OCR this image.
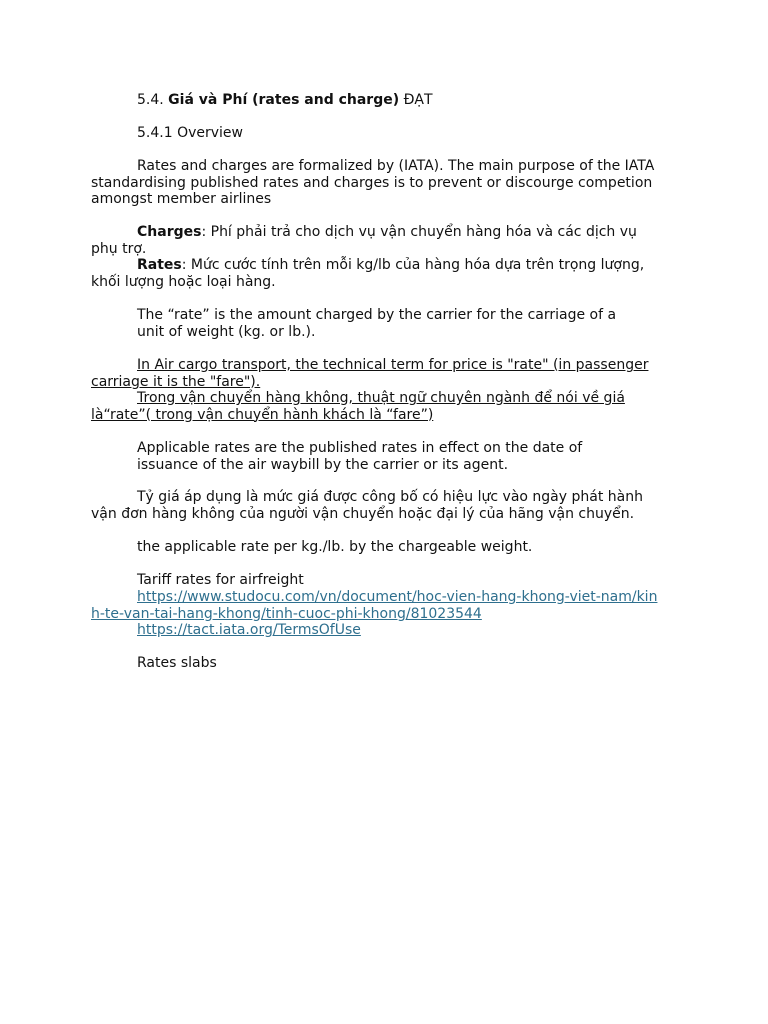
5.4. Giá và Phí (rates and charge) ĐẠT

5.4.1 Overview

Rates and charges are formalized by (IATA). The main purpose of the IATA standardising published rates and charges is to prevent or discourge competion amongst member airlines

Charges: Phí phải trả cho dịch vụ vận chuyển hàng hóa và các dịch vụ phụ trợ.

Rates: Mức cước tính trên mỗi kg/lb của hàng hóa dựa trên trọng lượng, khối lượng hoặc loại hàng.

The “rate” is the amount charged by the carrier for the carriage of a unit of weight (kg. or lb.).

In Air cargo transport, the technical term for price is "rate" (in passenger carriage it is the "fare").

Trong vận chuyển hàng không, thuật ngữ chuyên ngành để nói về giá là“rate”( trong vận chuyển hành khách là “fare”)

Applicable rates are the published rates in effect on the date of issuance of the air waybill by the carrier or its agent.

Tỷ giá áp dụng là mức giá được công bố có hiệu lực vào ngày phát hành vận đơn hàng không của người vận chuyển hoặc đại lý của hãng vận chuyển.

the applicable rate per kg./lb. by the chargeable weight.

Tariff rates for airfreight

https://www.studocu.com/vn/document/hoc-vien-hang-khong-viet-nam/kinh-te-van-tai-hang-khong/tinh-cuoc-phi-khong/81023544

https://tact.iata.org/TermsOfUse

Rates slabs
